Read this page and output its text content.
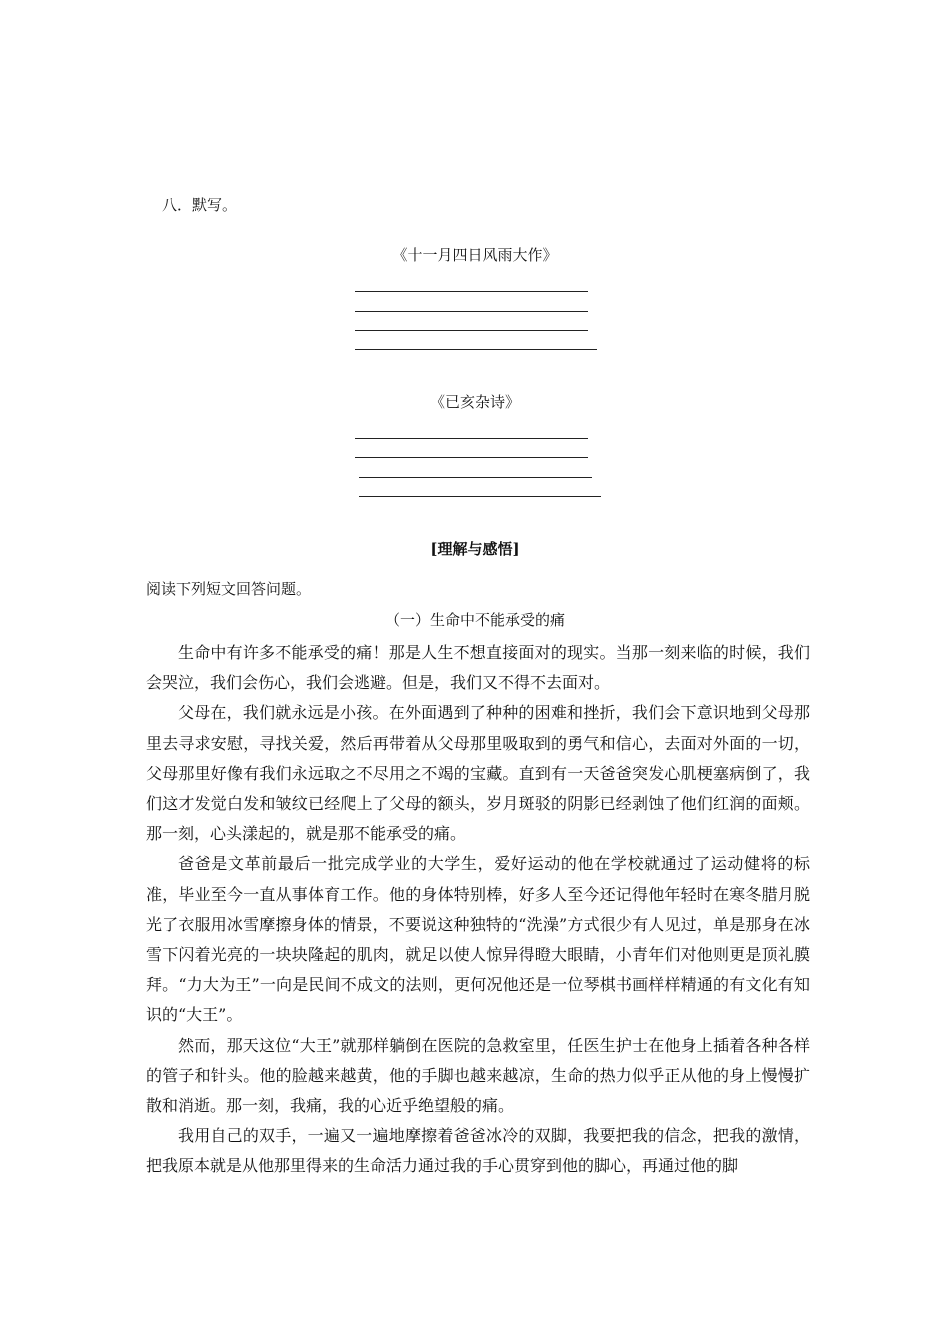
八．默写。
《十一月四日风雨大作》
《已亥杂诗》
[理解与感悟]
阅读下列短文回答问题。
（一）生命中不能承受的痛

生命中有许多不能承受的痛！那是人生不想直接面对的现实。当那一刻来临的时候，我们会哭泣，我们会伤心，我们会逃避。但是，我们又不得不去面对。

父母在，我们就永远是小孩。在外面遇到了种种的困难和挫折，我们会下意识地到父母那里去寻求安慰，寻找关爱，然后再带着从父母那里吸取到的勇气和信心，去面对外面的一切，父母那里好像有我们永远取之不尽用之不竭的宝藏。直到有一天爸爸突发心肌梗塞病倒了，我们这才发觉白发和皱纹已经爬上了父母的额头，岁月斑驳的阴影已经剥蚀了他们红润的面颊。那一刻，心头漾起的，就是那不能承受的痛。

爸爸是文革前最后一批完成学业的大学生，爱好运动的他在学校就通过了运动健将的标准，毕业至今一直从事体育工作。他的身体特别棒，好多人至今还记得他年轻时在寒冬腊月脱光了衣服用冰雪摩擦身体的情景，不要说这种独特的“洗澡”方式很少有人见过，单是那身在冰雪下闪着光亮的一块块隆起的肌肉，就足以使人惊异得瞪大眼睛，小青年们对他则更是顶礼膜拜。“力大为王”一向是民间不成文的法则，更何况他还是一位琴棋书画样样精通的有文化有知识的“大王”。

然而，那天这位“大王”就那样躺倒在医院的急救室里，任医生护士在他身上插着各种各样的管子和针头。他的脸越来越黄，他的手脚也越来越凉，生命的热力似乎正从他的身上慢慢扩散和消逝。那一刻，我痛，我的心近乎绝望般的痛。

我用自己的双手，一遍又一遍地摩擦着爸爸冰冷的双脚，我要把我的信念，把我的激情，把我原本就是从他那里得来的生命活力通过我的手心贯穿到他的脚心，再通过他的脚
